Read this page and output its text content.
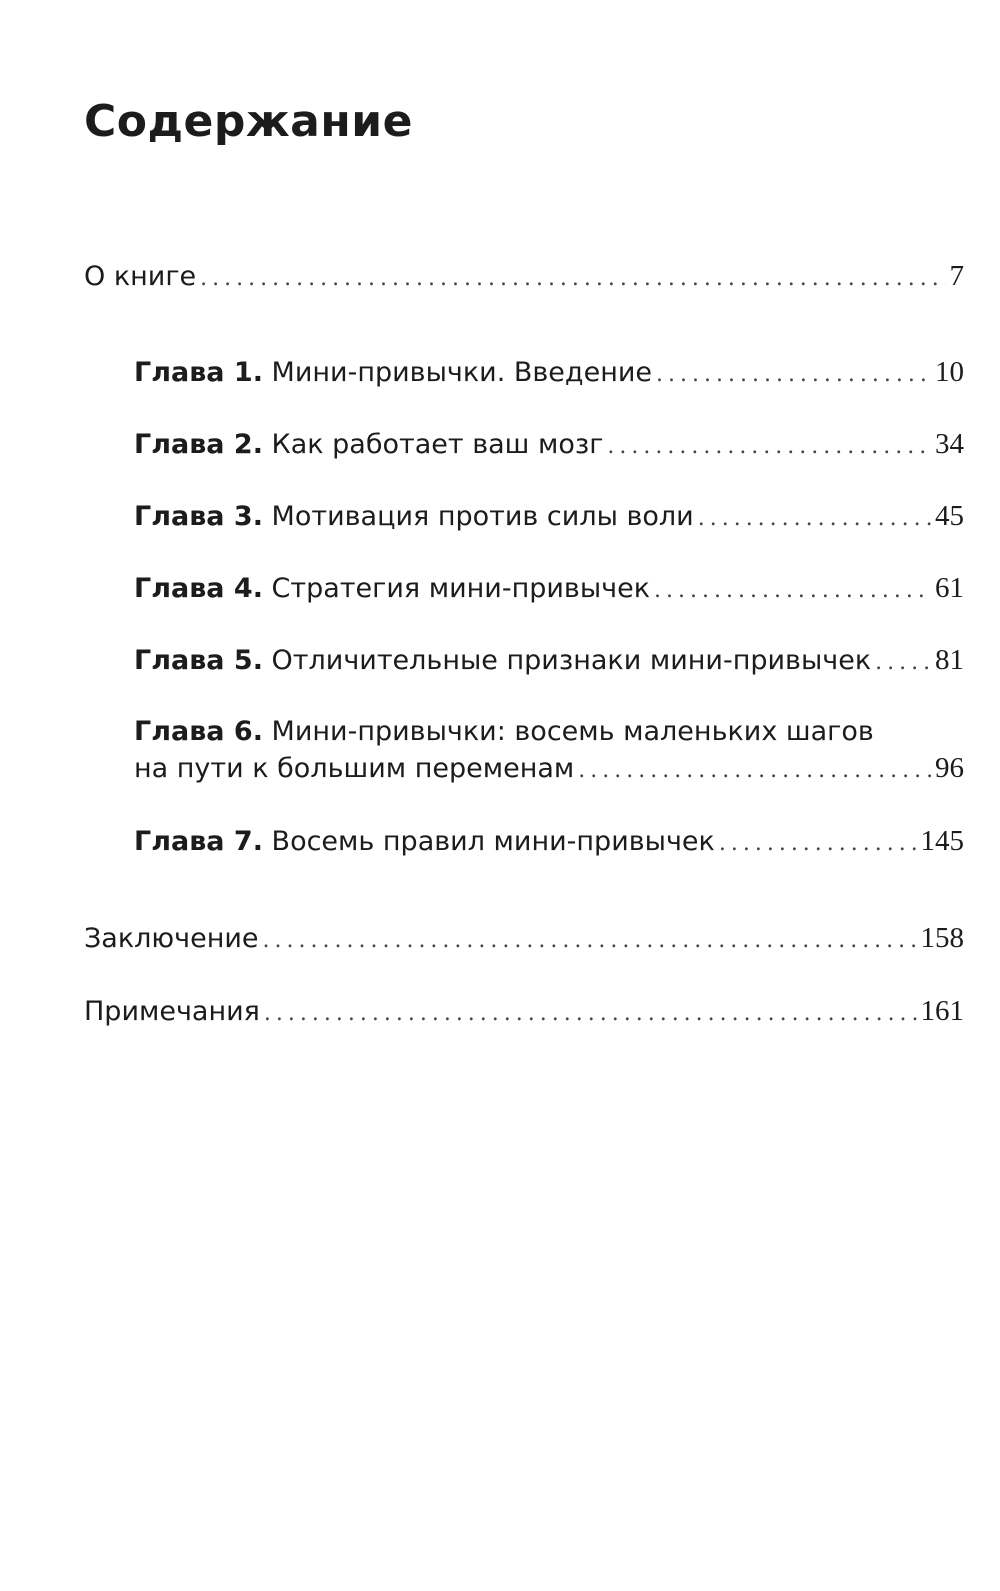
Содержание
О книге .....	7
Глава 1. Мини-привычки. Введение .....	10
Глава 2. Как работает ваш мозг .....	34
Глава 3. Мотивация против силы воли .....	45
Глава 4. Стратегия мини-привычек .....	61
Глава 5. Отличительные признаки мини-привычек ..... 81
Глава 6. Мини-привычки: восемь маленьких шагов
на пути к большим переменам .....	96
Глава 7. Восемь правил мини-привычек .....	145
Заключение .....	158
Примечания .....	161
